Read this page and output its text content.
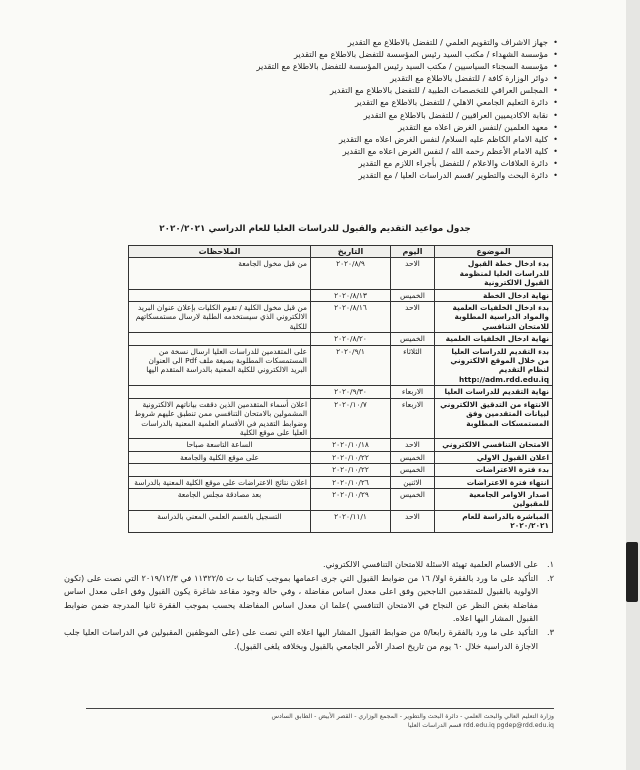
• جهاز الاشراف والتقويم العلمي / للتفضل بالاطلاع مع التقدير
• مؤسسة الشهداء / مكتب السيد رئيس المؤسسة للتفضل بالاطلاع مع التقدير
• مؤسسة السجناء السياسيين / مكتب السيد رئيس المؤسسة للتفضل بالاطلاع مع التقدير
• دوائر الوزارة كافة / للتفضل بالاطلاع مع التقدير
• المجلس العراقي للتخصصات الطبية / للتفضل بالاطلاع مع التقدير
• دائرة التعليم الجامعي الاهلي / للتفضل بالاطلاع مع التقدير
• نقابة الاكاديميين العراقيين / للتفضل بالاطلاع مع التقدير
• معهد العلمين /لنفس الغرض اعلاه مع التقدير
• كلية الامام الكاظم عليه السلام/ لنفس الغرض اعلاه مع التقدير
• كلية الامام الأعظم رحمه الله / لنفس الغرض اعلاه مع التقدير
• دائرة العلاقات والاعلام / للتفضل بأجراء اللازم مع التقدير
• دائرة البحث والتطوير /قسم الدراسات العليا / مع التقدير
جدول مواعيد التقديم والقبول للدراسات العليا للعام الدراسي ٢٠٢٠/٢٠٢١
الموضوع	اليوم	التاريخ	الملاحظات
بدء ادخال خطة القبول للدراسات العليا لمنظومة القبول الالكترونية	الاحد	٢٠٢٠/٨/٩	من قبل مخول الجامعة
نهاية ادخال الخطة	الخميس	٢٠٢٠/٨/١٣	
بدء ادخال الخلفيات العلمية والمواد الدراسية المطلوبة للامتحان التنافسي	الاحد	٢٠٢٠/٨/١٦	من قبل مخول الكلية / تقوم الكليات بإعلان عنوان البريد الالكتروني الذي سيستخدمه الطلبة لارسال مستمسكاتهم للكلية
نهاية ادخال الخلفيات العلمية	الخميس	٢٠٢٠/٨/٢٠	
بدء التقديم للدراسات العليا من خلال الموقع الالكتروني لنظام التقديم http://adm.rdd.edu.iq	الثلاثاء	٢٠٢٠/٩/١	على المتقدمين للدراسات العليا ارسال نسخة من المستمسكات المطلوبة بصيغة ملف Pdf الى العنوان البريد الالكتروني للكلية المعنية بالدراسة المتقدم اليها
نهاية التقديم للدراسات العليا	الاربعاء	٢٠٢٠/٩/٣٠	
الانتهاء من التدقيق الالكتروني لبيانات المتقدمين وفق المستمسكات المطلوبة	الاربعاء	٢٠٢٠/١٠/٧	اعلان أسماء المتقدمين الذين دققت بياناتهم الالكترونية المشمولين بالامتحان التنافسي ممن تنطبق عليهم شروط وضوابط التقديم في الأقسام العلمية المعنية بالدراسات العليا على موقع الكلية
الامتحان التنافسي الالكتروني	الاحد	٢٠٢٠/١٠/١٨	الساعة التاسعة صباحا
اعلان القبول الاولي	الخميس	٢٠٢٠/١٠/٢٢	على موقع الكلية والجامعة
بدء فترة الاعتراضات	الخميس	٢٠٢٠/١٠/٢٢	
انتهاء فترة الاعتراضات	الاثنين	٢٠٢٠/١٠/٢٦	اعلان نتائج الاعتراضات على موقع الكلية المعنية بالدراسة
اصدار الاوامر الجامعية للمقبولين	الخميس	٢٠٢٠/١٠/٢٩	بعد مصادقة مجلس الجامعة
المباشرة بالدراسة للعام ٢٠٢٠/٢٠٢١	الاحد	٢٠٢٠/١١/١	التسجيل بالقسم العلمي المعني بالدراسة
١.
على الاقسام العلمية تهيئة الاسئلة للامتحان التنافسي الالكتروني.
٢.
التأكيد على ما ورد بالفقرة اولا/ ١٦ من ضوابط القبول التي جرى اعمامها بموجب كتابنا ب ت ١١٣٢٢/٥ في ٢٠١٩/١٢/٣ التي نصت على (تكون الاولوية بالقبول للمتقدمين الناجحين وفق اعلى معدل اساس مفاضلة ، وفي حالة وجود مقاعد شاغرة يكون القبول وفق اعلى معدل اساس مفاضلة بغض النظر عن النجاح في الامتحان التنافسي )علما ان معدل اساس المفاضلة يحسب بموجب الفقرة ثانيا المدرجة ضمن ضوابط القبول المشار اليها اعلاه.
٣.
التأكيد على ما ورد بالفقرة رابعا/٥ من ضوابط القبول المشار اليها اعلاه التي نصت على (على الموظفين المقبولين في الدراسات العليا جلب الاجازة الدراسية خلال ٦٠ يوم من تاريخ اصدار الأمر الجامعي بالقبول وبخلافه يلغى القبول).
وزارة التعليم العالي والبحث العلمي - دائرة البحث والتطوير - المجمع الوزاري - القصر الأبيض - الطابق السادس
rdd.edu.iq pgdep@rdd.edu.iq قسم الدراسات العليا
